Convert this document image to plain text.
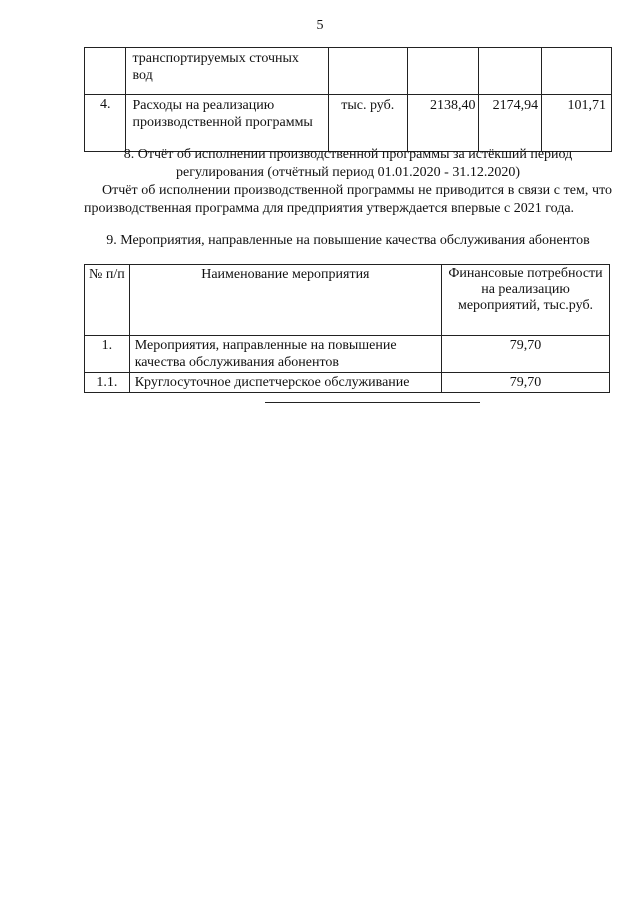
5
	транспортируемых сточных вод				
4.	Расходы на реализацию производственной программы	тыс. руб.	2138,40	2174,94	101,71
8. Отчёт об исполнении производственной программы за истёкший период регулирования (отчётный период 01.01.2020 - 31.12.2020)
Отчёт об исполнении производственной программы не приводится в связи с тем, что производственная программа для предприятия утверждается впервые с 2021 года.
9. Мероприятия, направленные на повышение качества обслуживания абонентов
№ п/п	Наименование мероприятия	Финансовые потребности на реализацию мероприятий, тыс.руб.
1.	Мероприятия, направленные на повышение качества обслуживания абонентов	79,70
1.1.	Круглосуточное диспетчерское обслуживание	79,70
